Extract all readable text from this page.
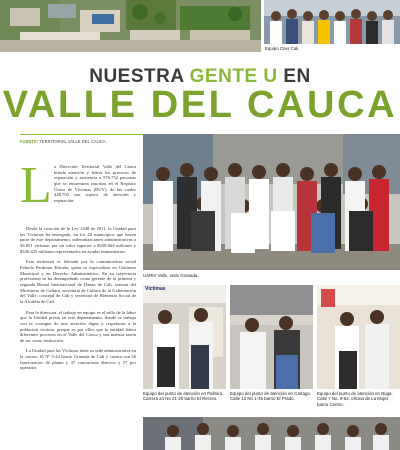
Equipo Cner Cali.
NUESTRA GENTE U EN
VALLE DEL CAUCA
FUENTE: TERRITORIAL VALLE DEL CAUCA.
L a Dirección Territorial Valle del Cauca brinda atención y lidera los procesos de reparación y asistencia a 576.752 personas que se encuentran inscritas en el Registro Único de Víctimas (RUV), de las cuales 448.702 son sujetos de atención y reparación.

Desde la creación de la Ley 1448 de 2011, la Unidad para las Víctimas ha entregado, en los 42 municipios que hacen parte de este departamento, indemnizaciones administrativas a 36.051 víctimas por un valor superior a $258.664 millones y $526.425 millones representados en ayudas humanitarias.

Esta territorial es liderada por la comunicadora social Fabiola Perdomo Estrada, quien es especialista en Gobierno Municipal y en Derecho Administrativo. En su trayectoria profesional se ha desempeñado como gerente de la primera y segunda Bienal Internacional de Danza de Cali, asesora del Ministerio de Cultura, secretaria de Cultura de la Gobernación del Valle, concejal de Cali y secretaria de Bienestar Social de la Alcaldía de Cali.

Para la directora, el trabajo en equipo es el sello de la labor que la Unidad presta en este departamento, donde se trabaja con la consigna de una atención digna y respetuosa a la población víctima, porque es por ellos que la entidad lidera diferentes procesos en el Valle del Cauca y son nuestra razón de ser como institución.

La Unidad para las Víctimas tiene su sede administrativa en la carrera 16 Nº 5-44 barrio Granada de Cali y cuenta con 26 funcionarios de planta y 37 contratistas directos y 57 por operador.

UARIV Valle, sede Granada.
Víctimas
Equipo del punto de atención en Palmira. Carrera 24 No 21-20 barrio El Recreo.
Equipo del punto de atención en Cartago. Calle 13 No 1-45 barrio El Prado.
Equipo del punto de atención en Buga. Calle 7 No. 9-54, oficina de La Mujer, barrio Centro.
